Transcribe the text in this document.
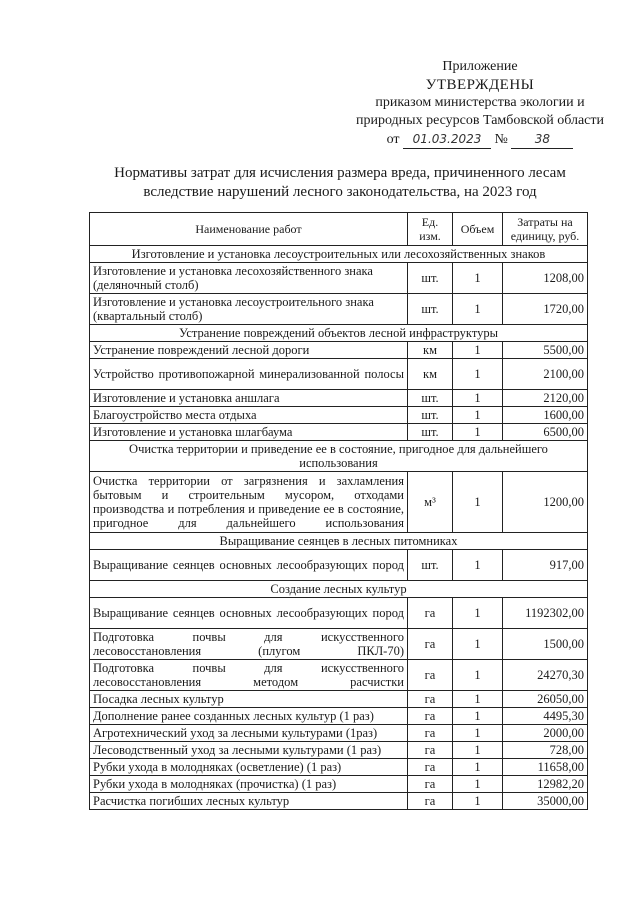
Приложение
УТВЕРЖДЕНЫ
приказом министерства экологии и
природных ресурсов Тамбовской области
от 01.03.2023 № 38
Нормативы затрат для исчисления размера вреда, причиненного лесам
вследствие нарушений лесного законодательства, на 2023 год
Наименование работ	Ед. изм.	Объем	Затраты на единицу, руб.
Изготовление и установка лесоустроительных или лесохозяйственных знаков			
Изготовление и установка лесохозяйственного знака (деляночный столб)	шт.	1	1208,00
Изготовление и установка лесоустроительного знака (квартальный столб)	шт.	1	1720,00
Устранение повреждений объектов лесной инфраструктуры			
Устранение повреждений лесной дороги	км	1	5500,00
Устройство противопожарной минерализованной полосы	км	1	2100,00
Изготовление и установка аншлага	шт.	1	2120,00
Благоустройство места отдыха	шт.	1	1600,00
Изготовление и установка шлагбаума	шт.	1	6500,00
Очистка территории и приведение ее в состояние, пригодное для дальнейшего использования			
Очистка территории от загрязнения и захламления бытовым и строительным мусором, отходами производства и потребления и приведение ее в состояние, пригодное для дальнейшего использования	м³	1	1200,00
Выращивание сеянцев в лесных питомниках			
Выращивание сеянцев основных лесообразующих пород	шт.	1	917,00
Создание лесных культур			
Выращивание сеянцев основных лесообразующих пород	га	1	1192302,00
Подготовка почвы для искусственного лесовосстановления (плугом ПКЛ-70)	га	1	1500,00
Подготовка почвы для искусственного лесовосстановления методом расчистки	га	1	24270,30
Посадка лесных культур	га	1	26050,00
Дополнение ранее созданных лесных культур (1 раз)	га	1	4495,30
Агротехнический уход за лесными культурами (1раз)	га	1	2000,00
Лесоводственный уход за лесными культурами (1 раз)	га	1	728,00
Рубки ухода в молодняках (осветление) (1 раз)	га	1	11658,00
Рубки ухода в молодняках (прочистка) (1 раз)	га	1	12982,20
Расчистка погибших лесных культур	га	1	35000,00
